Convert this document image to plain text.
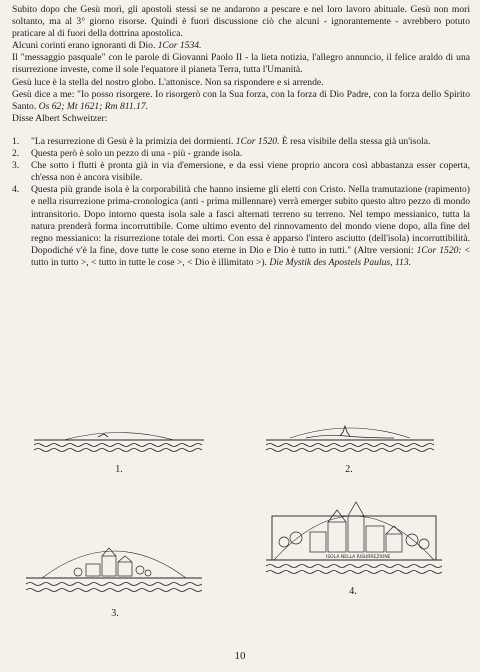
Subito dopo che Gesù morì, gli apostoli stessi se ne andarono a pescare e nel loro lavoro abituale. Gesù non morì soltanto, ma al 3° giorno risorse. Quindi è fuori discussione ciò che alcuni - ignorantemente - avrebbero potuto praticare al di fuori della dottrina apostolica.

Alcuni corinti erano ignoranti di Dio. 1Cor 1534.

Il "messaggio pasquale" con le parole di Giovanni Paolo II - la lieta notizia, l'allegro annuncio, il felice araldo di una risurrezione investe, come il sole l'equatore il pianeta Terra, tutta l'Umanità.

Gesù luce è la stella del nostro globo. L'attonisce. Non sa rispondere e si arrende.

Gesù dice a me: "Io posso risorgere. Io risorgerò con la Sua forza, con la forza di Dio Padre, con la forza dello Spirito Santo. Os 62; Mt 1621; Rm 811.17.

Disse Albert Schweitzer:

1. "La resurrezione di Gesù è la primizia dei dormienti. 1Cor 1520. È resa visibile della stessa già un'isola.
2. Questa però è solo un pezzo di una - più - grande isola.
3. Che sotto i flutti è pronta già in via d'emersione, e da essi viene proprio ancora così abbastanza esser coperta, ch'essa non è ancora visibile.
4. Questa più grande isola è la corporabilità che hanno insieme gli eletti con Cristo. Nella tramutazione (rapimento) e nella risurrezione prima-cronologica (anti - prima millennare) verrà emerger subito questo altro pezzo di mondo intransitorio. Dopo intorno questa isola sale a fasci alternati terreno su terreno. Nel tempo messianico, tutta la natura prenderà forma incorruttibile. Come ultimo evento del rinnovamento del mondo viene dopo, alla fine del regno messianico: la risurrezione totale dei morti. Con essa è apparso l'intero asciutto (dell'isola) incorruttibilità. Dopodiché v'è la fine, dove tutte le cose sono eterne in Dio e Dio è tutto in tutti." (Altre versioni: 1Cor 1520: < tutto in tutto >, < tutto in tutte le cose >, < Dio è illimitato >). Die Mystik des Apostels Paulus, 113.
1.	2.
3.
ISOLA NELLA RISURREZIONE
4.
10
